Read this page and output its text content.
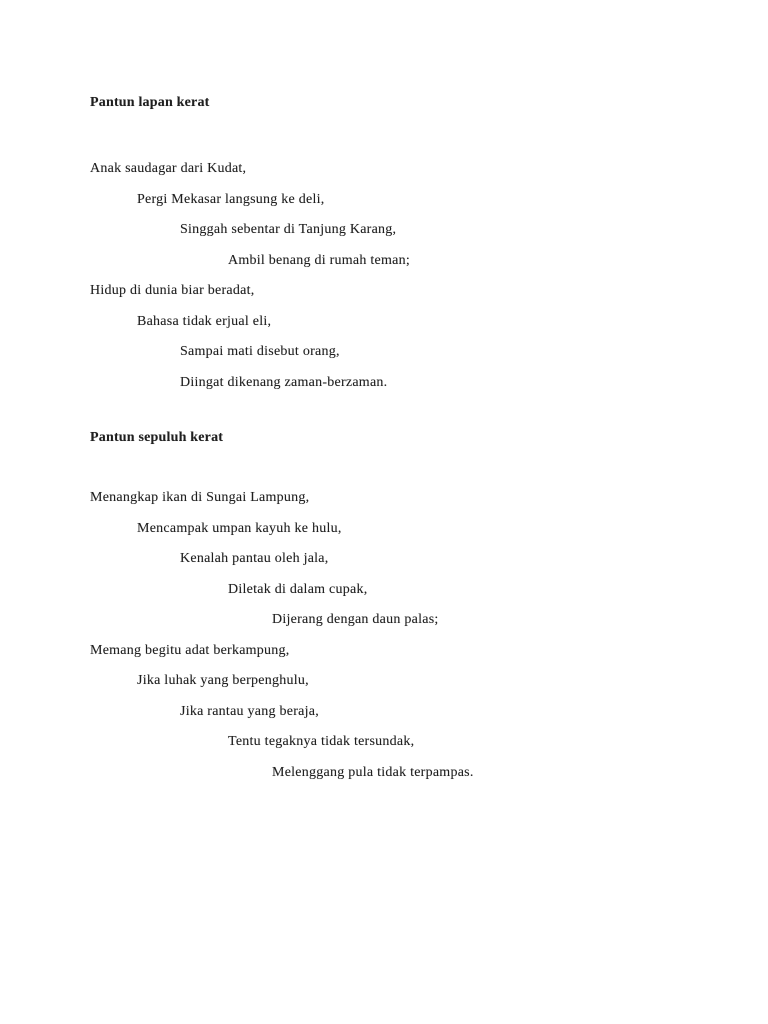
Pantun lapan kerat

Anak saudagar dari Kudat,

Pergi Mekasar langsung ke deli,

Singgah sebentar di Tanjung Karang,

Ambil benang di rumah teman;

Hidup di dunia biar beradat,

Bahasa tidak erjual eli,

Sampai mati disebut orang,

Diingat dikenang zaman-berzaman.

Pantun sepuluh kerat

Menangkap ikan di Sungai Lampung,

Mencampak umpan kayuh ke hulu,

Kenalah pantau oleh jala,

Diletak di dalam cupak,

Dijerang dengan daun palas;

Memang begitu adat berkampung,

Jika luhak yang berpenghulu,

Jika rantau yang beraja,

Tentu tegaknya tidak tersundak,

Melenggang pula tidak terpampas.
